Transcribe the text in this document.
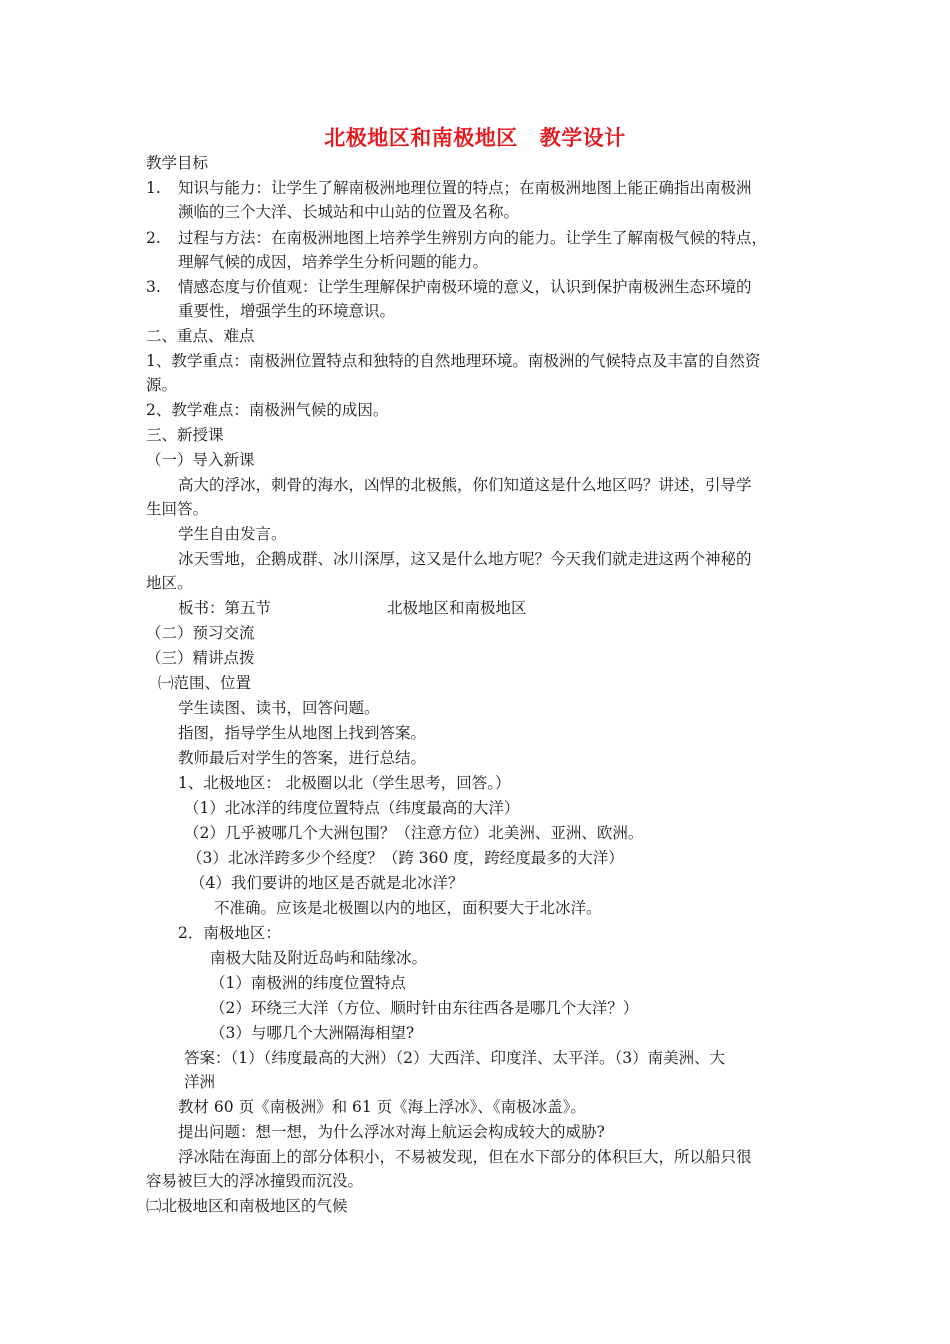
北极地区和南极地区 教学设计
教学目标
1. 知识与能力：让学生了解南极洲地理位置的特点；在南极洲地图上能正确指出南极洲
濒临的三个大洋、长城站和中山站的位置及名称。
2. 过程与方法：在南极洲地图上培养学生辨别方向的能力。让学生了解南极气候的特点，
理解气候的成因，培养学生分析问题的能力。
3. 情感态度与价值观：让学生理解保护南极环境的意义，认识到保护南极洲生态环境的
重要性，增强学生的环境意识。
二、重点、难点
1、教学重点：南极洲位置特点和独特的自然地理环境。南极洲的气候特点及丰富的自然资
源。
2、教学难点：南极洲气候的成因。
三、新授课
（一）导入新课
高大的浮冰，刺骨的海水，凶悍的北极熊，你们知道这是什么地区吗？讲述，引导学
生回答。
学生自由发言。
冰天雪地，企鹅成群、冰川深厚，这又是什么地方呢？今天我们就走进这两个神秘的
地区。
板书：第五节	北极地区和南极地区
（二）预习交流
（三）精讲点拨
㈠范围、位置
学生读图、读书，回答问题。
指图，指导学生从地图上找到答案。
教师最后对学生的答案，进行总结。
1、北极地区： 北极圈以北（学生思考，回答。）
（1）北冰洋的纬度位置特点（纬度最高的大洋）
（2）几乎被哪几个大洲包围？（注意方位）北美洲、亚洲、欧洲。
（3）北冰洋跨多少个经度？（跨 360 度，跨经度最多的大洋）
（4）我们要讲的地区是否就是北冰洋？
不准确。应该是北极圈以内的地区，面积要大于北冰洋。
2．南极地区：
南极大陆及附近岛屿和陆缘冰。
（1）南极洲的纬度位置特点
（2）环绕三大洋（方位、顺时针由东往西各是哪几个大洋？）
（3）与哪几个大洲隔海相望?
答案：（1）（纬度最高的大洲）（2）大西洋、印度洋、太平洋。（3）南美洲、大
洋洲
教材 60 页《南极洲》和 61 页《海上浮冰》、《南极冰盖》。
提出问题：想一想，为什么浮冰对海上航运会构成较大的威胁?
浮冰陆在海面上的部分体积小，不易被发现，但在水下部分的体积巨大，所以船只很
容易被巨大的浮冰撞毁而沉没。
㈡北极地区和南极地区的气候
